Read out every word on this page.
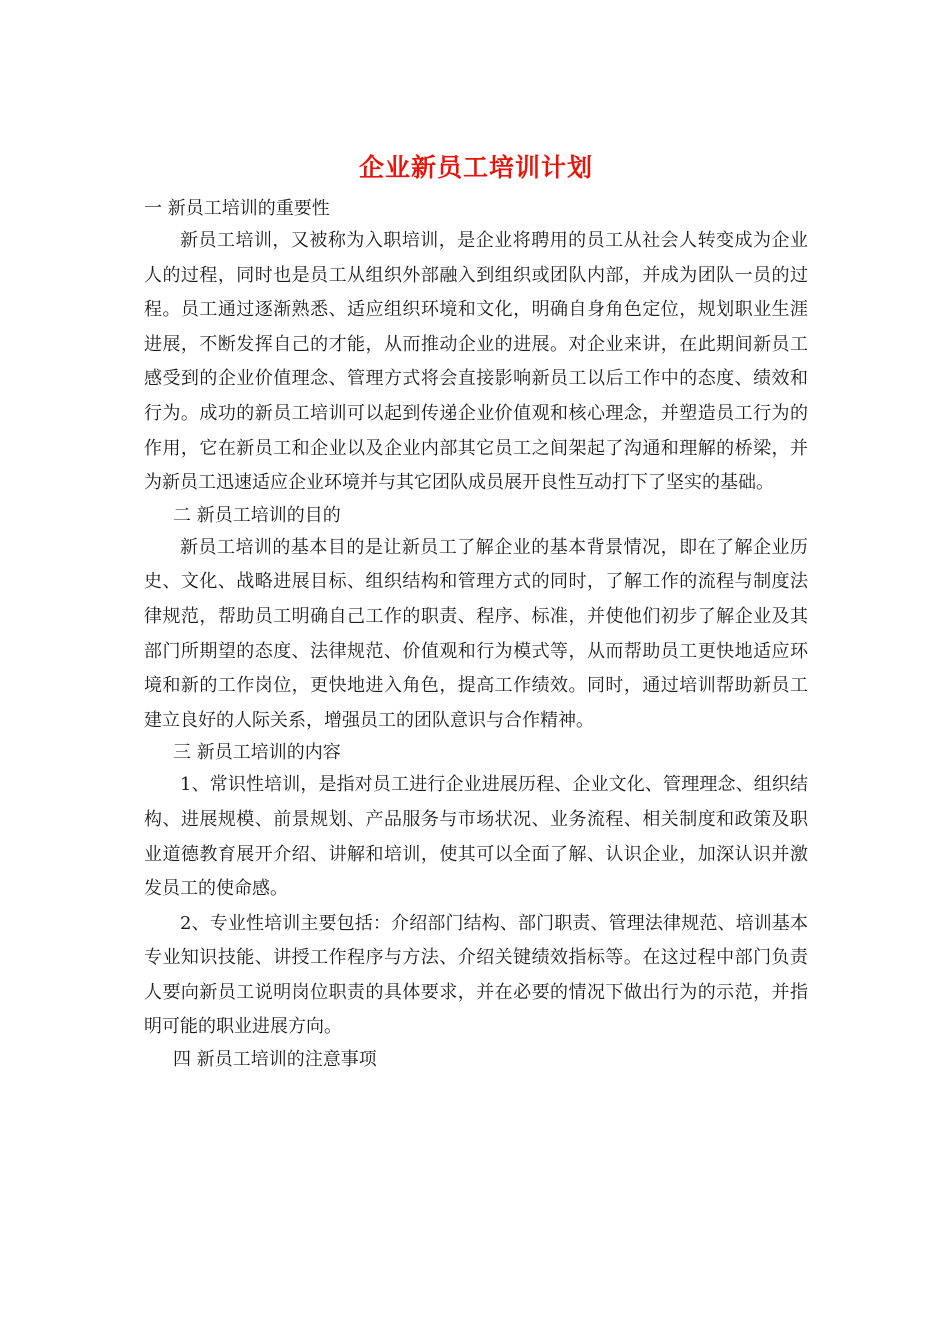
企业新员工培训计划

一 新员工培训的重要性

新员工培训，又被称为入职培训，是企业将聘用的员工从社会人转变成为企业人的过程，同时也是员工从组织外部融入到组织或团队内部，并成为团队一员的过程。员工通过逐渐熟悉、适应组织环境和文化，明确自身角色定位，规划职业生涯进展，不断发挥自己的才能，从而推动企业的进展。对企业来讲，在此期间新员工感受到的企业价值理念、管理方式将会直接影响新员工以后工作中的态度、绩效和行为。成功的新员工培训可以起到传递企业价值观和核心理念，并塑造员工行为的作用，它在新员工和企业以及企业内部其它员工之间架起了沟通和理解的桥梁，并为新员工迅速适应企业环境并与其它团队成员展开良性互动打下了坚实的基础。

二 新员工培训的目的

新员工培训的基本目的是让新员工了解企业的基本背景情况，即在了解企业历史、文化、战略进展目标、组织结构和管理方式的同时，了解工作的流程与制度法律规范，帮助员工明确自己工作的职责、程序、标准，并使他们初步了解企业及其部门所期望的态度、法律规范、价值观和行为模式等，从而帮助员工更快地适应环境和新的工作岗位，更快地进入角色，提高工作绩效。同时，通过培训帮助新员工建立良好的人际关系，增强员工的团队意识与合作精神。

三 新员工培训的内容

1、常识性培训，是指对员工进行企业进展历程、企业文化、管理理念、组织结构、进展规模、前景规划、产品服务与市场状况、业务流程、相关制度和政策及职业道德教育展开介绍、讲解和培训，使其可以全面了解、认识企业，加深认识并激发员工的使命感。

2、专业性培训主要包括：介绍部门结构、部门职责、管理法律规范、培训基本专业知识技能、讲授工作程序与方法、介绍关键绩效指标等。在这过程中部门负责人要向新员工说明岗位职责的具体要求，并在必要的情况下做出行为的示范，并指明可能的职业进展方向。

四 新员工培训的注意事项
